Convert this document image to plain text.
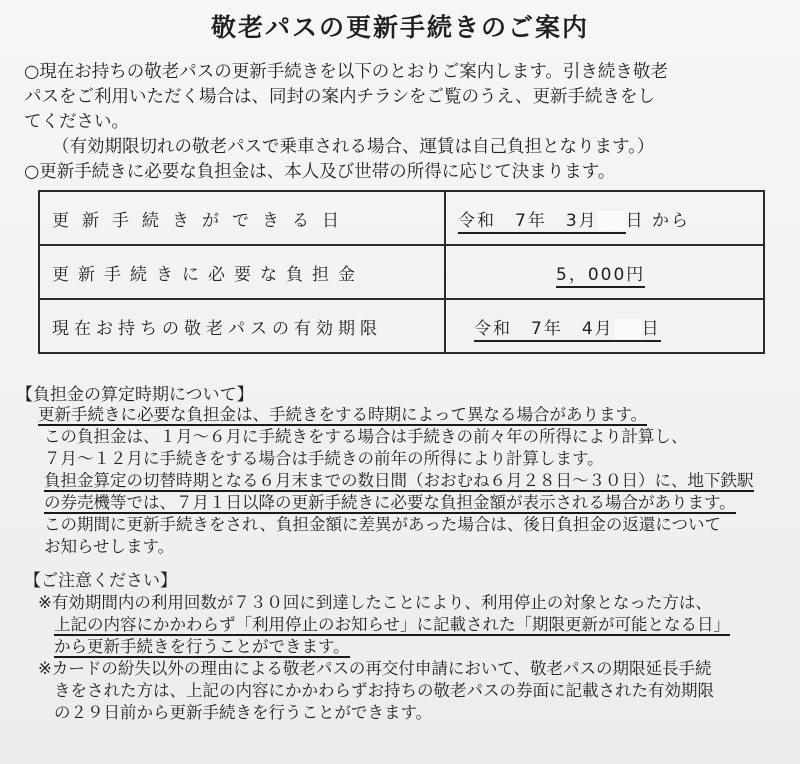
敬老パスの更新手続きのご案内
○現在お持ちの敬老パスの更新手続きを以下のとおりご案内します。引き続き敬老
パスをご利用いただく場合は、同封の案内チラシをご覧のうえ、更新手続きをし
てください。
（有効期限切れの敬老パスで乗車される場合、運賃は自己負担となります。）
○更新手続きに必要な負担金は、本人及び世帯の所得に応じて決まります。
更新手続きができる日	令和　7年　3月 日 から
更新手続きに必要な負担金	5，000円
現在お持ちの敬老パスの有効期限	令和　7年　4月 日
【負担金の算定時期について】
更新手続きに必要な負担金は、手続きをする時期によって異なる場合があります。
この負担金は、１月～６月に手続きをする場合は手続きの前々年の所得により計算し、
７月～１２月に手続きをする場合は手続きの前年の所得により計算します。
負担金算定の切替時期となる６月末までの数日間（おおむね６月２８日～３０日）に、地下鉄駅
の券売機等では、７月１日以降の更新手続きに必要な負担金額が表示される場合があります。
この期間に更新手続きをされ、負担金額に差異があった場合は、後日負担金の返還について
お知らせします。
【ご注意ください】
※有効期間内の利用回数が７３０回に到達したことにより、利用停止の対象となった方は、
上記の内容にかかわらず「利用停止のお知らせ」に記載された「期限更新が可能となる日」
から更新手続きを行うことができます。
※カードの紛失以外の理由による敬老パスの再交付申請において、敬老パスの期限延長手続
きをされた方は、上記の内容にかかわらずお持ちの敬老パスの券面に記載された有効期限
の２９日前から更新手続きを行うことができます。
